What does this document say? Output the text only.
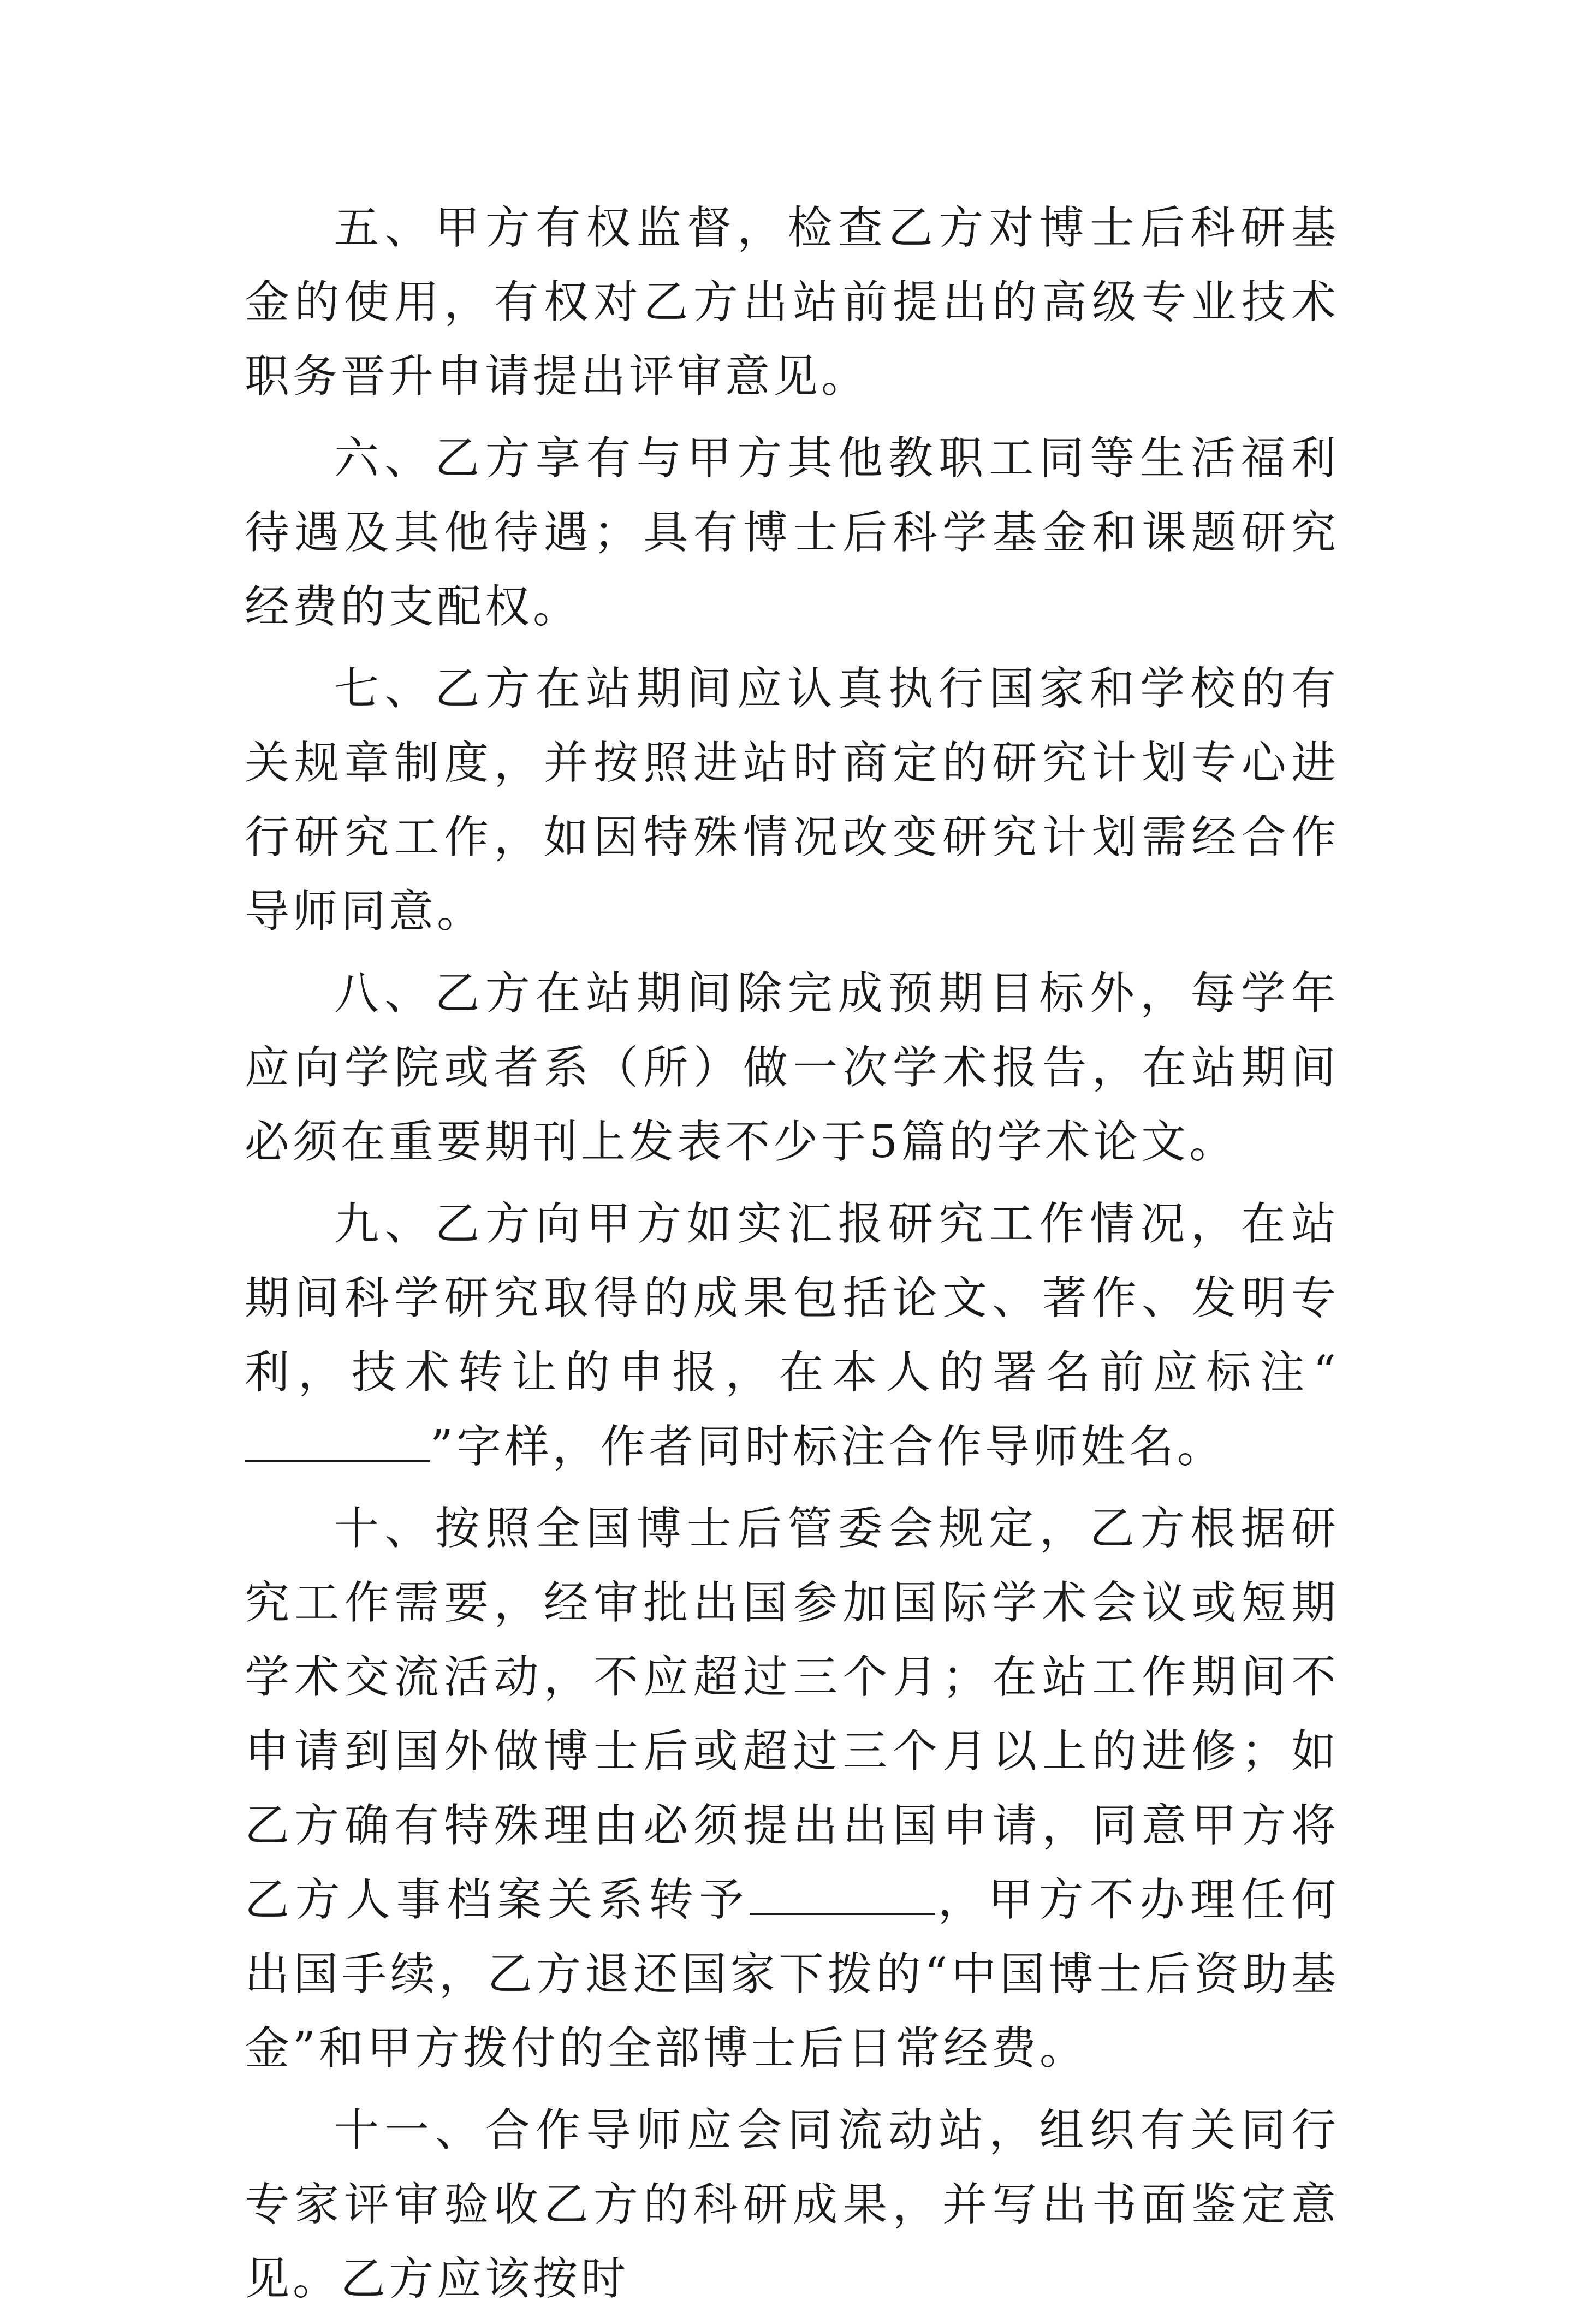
五、甲方有权监督，检查乙方对博士后科研基金的使用，有权对乙方出站前提出的高级专业技术职务晋升申请提出评审意见。

六、乙方享有与甲方其他教职工同等生活福利待遇及其他待遇；具有博士后科学基金和课题研究经费的支配权。

七、乙方在站期间应认真执行国家和学校的有关规章制度，并按照进站时商定的研究计划专心进行研究工作，如因特殊情况改变研究计划需经合作导师同意。

八、乙方在站期间除完成预期目标外，每学年应向学院或者系（所）做一次学术报告，在站期间必须在重要期刊上发表不少于5篇的学术论文。

九、乙方向甲方如实汇报研究工作情况，在站期间科学研究取得的成果包括论文、著作、发明专利，技术转让的申报，在本人的署名前应标注“”字样，作者同时标注合作导师姓名。

十、按照全国博士后管委会规定，乙方根据研究工作需要，经审批出国参加国际学术会议或短期学术交流活动，不应超过三个月；在站工作期间不申请到国外做博士后或超过三个月以上的进修；如乙方确有特殊理由必须提出出国申请，同意甲方将乙方人事档案关系转予	，甲方不办理任何出国手续，乙方退还国家下拨的“中国博士后资助基金”和甲方拨付的全部博士后日常经费。

十一、合作导师应会同流动站，组织有关同行专家评审验收乙方的科研成果，并写出书面鉴定意见。乙方应该按时
